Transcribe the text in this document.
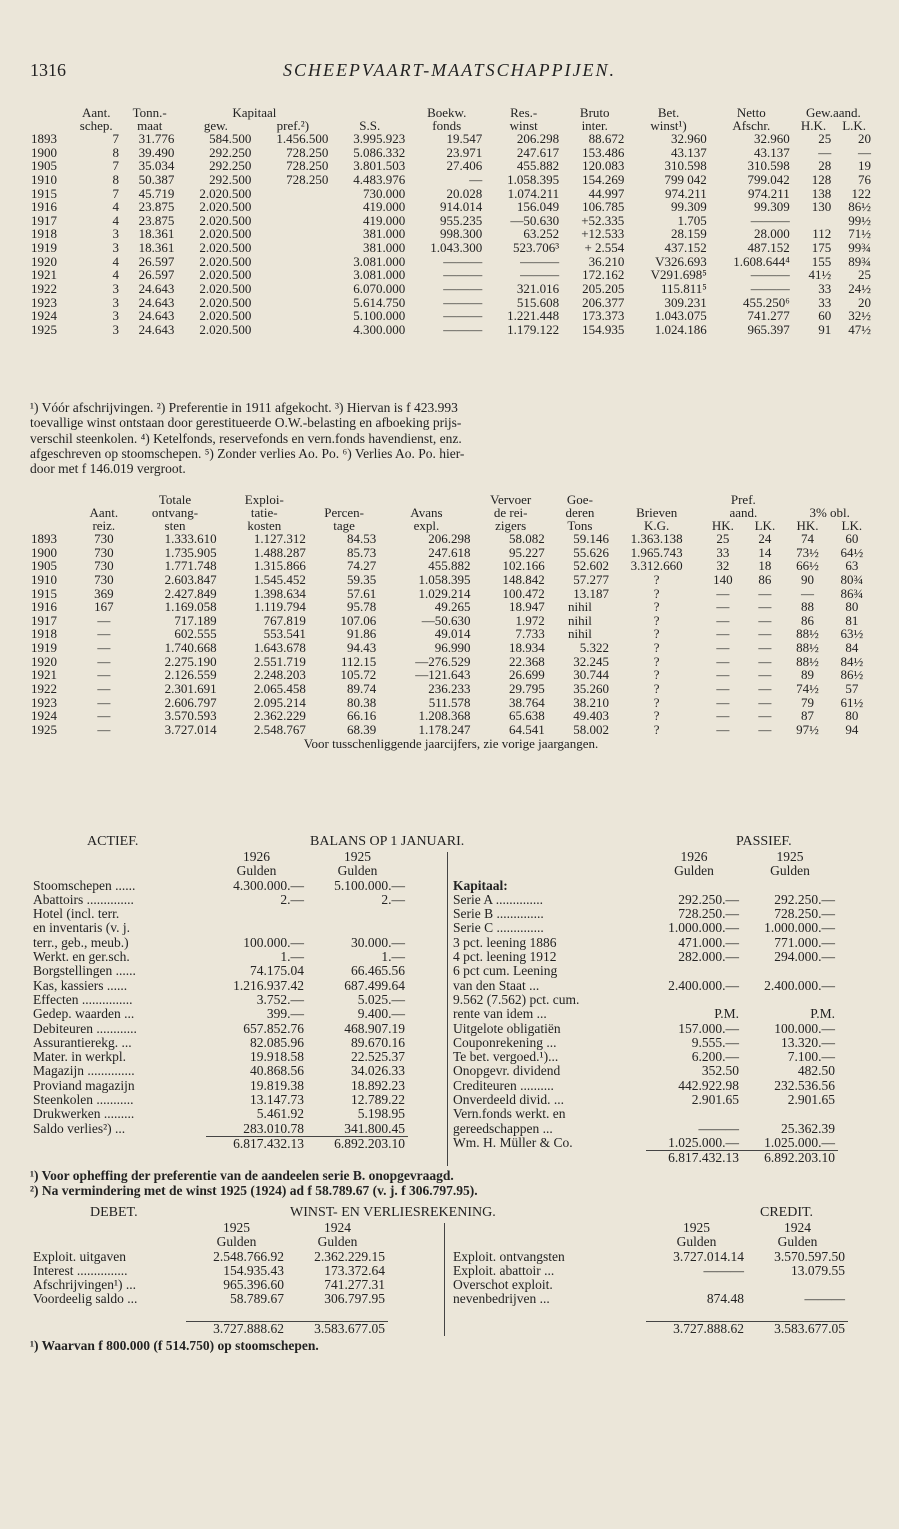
1316	SCHEEPVAART-MAATSCHAPPIJEN.
	Aant.	Tonn.-	Kapitaal			Boekw.	Res.-	Bruto	Bet.	Netto	Gew.aand.	
	schep.	maat	gew.	pref.²)	S.S.	fonds	winst	inter.	winst¹)	Afschr.	H.K.	L.K.
1893	7	31.776	584.500	1.456.500	3.995.923	19.547	206.298	88.672	32.960	32.960	25	20
1900	8	39.490	292.250	728.250	5.086.332	23.971	247.617	153.486	43.137	43.137	—	—
1905	7	35.034	292.250	728.250	3.801.503	27.406	455.882	120.083	310.598	310.598	28	19
1910	8	50.387	292.500	728.250	4.483.976	—	1.058.395	154.269	799 042	799.042	128	76
1915	7	45.719	2.020.500		730.000	20.028	1.074.211	44.997	974.211	974.211	138	122
1916	4	23.875	2.020.500		419.000	914.014	156.049	106.785	99.309	99.309	130	86½
1917	4	23.875	2.020.500		419.000	955.235	—50.630	+52.335	1.705	———		99½
1918	3	18.361	2.020.500		381.000	998.300	63.252	+12.533	28.159	28.000	112	71½
1919	3	18.361	2.020.500		381.000	1.043.300	523.706³	+ 2.554	437.152	487.152	175	99¾
1920	4	26.597	2.020.500		3.081.000	———	———	36.210	V326.693	1.608.644⁴	155	89¾
1921	4	26.597	2.020.500		3.081.000	———	———	172.162	V291.698⁵	———	41½	25
1922	3	24.643	2.020.500		6.070.000	———	321.016	205.205	115.811⁵	———	33	24½
1923	3	24.643	2.020.500		5.614.750	———	515.608	206.377	309.231	455.250⁶	33	20
1924	3	24.643	2.020.500		5.100.000	———	1.221.448	173.373	1.043.075	741.277	60	32½
1925	3	24.643	2.020.500		4.300.000	———	1.179.122	154.935	1.024.186	965.397	91	47½
¹) Vóór afschrijvingen. ²) Preferentie in 1911 afgekocht. ³) Hiervan is f 423.993
toevallige winst ontstaan door gerestitueerde O.W.-belasting en afboeking prijs-
verschil steenkolen. ⁴) Ketelfonds, reservefonds en vern.fonds havendienst, enz.
afgeschreven op stoomschepen. ⁵) Zonder verlies Ao. Po. ⁶) Verlies Ao. Po. hier-
door met f 146.019 vergroot.
		Totale	Exploi-			Vervoer	Goe-		Pref.			
	Aant.	ontvang-	tatie-	Percen-	Avans	de rei-	deren	Brieven	aand.		3% obl.	
	reiz.	sten	kosten	tage	expl.	zigers	Tons	K.G.	HK.	LK.	HK.	LK.
1893	730	1.333.610	1.127.312	84.53	206.298	58.082	59.146	1.363.138	25	24	74	60
1900	730	1.735.905	1.488.287	85.73	247.618	95.227	55.626	1.965.743	33	14	73½	64½
1905	730	1.771.748	1.315.866	74.27	455.882	102.166	52.602	3.312.660	32	18	66½	63
1910	730	2.603.847	1.545.452	59.35	1.058.395	148.842	57.277	?	140	86	90	80¾
1915	369	2.427.849	1.398.634	57.61	1.029.214	100.472	13.187	?	—	—	—	86¾
1916	167	1.169.058	1.119.794	95.78	49.265	18.947	nihil	?	—	—	88	80
1917	—	717.189	767.819	107.06	—50.630	1.972	nihil	?	—	—	86	81
1918	—	602.555	553.541	91.86	49.014	7.733	nihil	?	—	—	88½	63½
1919	—	1.740.668	1.643.678	94.43	96.990	18.934	5.322	?	—	—	88½	84
1920	—	2.275.190	2.551.719	112.15	—276.529	22.368	32.245	?	—	—	88½	84½
1921	—	2.126.559	2.248.203	105.72	—121.643	26.699	30.744	?	—	—	89	86½
1922	—	2.301.691	2.065.458	89.74	236.233	29.795	35.260	?	—	—	74½	57
1923	—	2.606.797	2.095.214	80.38	511.578	38.764	38.210	?	—	—	79	61½
1924	—	3.570.593	2.362.229	66.16	1.208.368	65.638	49.403	?	—	—	87	80
1925	—	3.727.014	2.548.767	68.39	1.178.247	64.541	58.002	?	—	—	97½	94
Voor tusschenliggende jaarcijfers, zie vorige jaargangen.												
ACTIEF.	BALANS OP 1 JANUARI.	PASSIEF.
	1926	1925
	Gulden	Gulden
Stoomschepen ......	4.300.000.—	5.100.000.—
Abattoirs ..............	2.—	2.—
Hotel (incl. terr.		
en inventaris (v. j.		
terr., geb., meub.)	100.000.—	30.000.—
Werkt. en ger.sch.	1.—	1.—
Borgstellingen ......	74.175.04	66.465.56
Kas, kassiers ......	1.216.937.42	687.499.64
Effecten ...............	3.752.—	5.025.—
Gedep. waarden ...	399.—	9.400.—
Debiteuren ............	657.852.76	468.907.19
Assurantierekg. ...	82.085.96	89.670.16
Mater. in werkpl.	19.918.58	22.525.37
Magazijn ..............	40.868.56	34.026.33
Proviand magazijn	19.819.38	18.892.23
Steenkolen ...........	13.147.73	12.789.22
Drukwerken .........	5.461.92	5.198.95
Saldo verlies²) ...	283.010.78	341.800.45
	6.817.432.13	6.892.203.10
	1926	1925
	Gulden	Gulden
Kapitaal:		
Serie A ..............	292.250.—	292.250.—
Serie B ..............	728.250.—	728.250.—
Serie C ..............	1.000.000.—	1.000.000.—
3 pct. leening 1886	471.000.—	771.000.—
4 pct. leening 1912	282.000.—	294.000.—
6 pct cum. Leening		
van den Staat ...	2.400.000.—	2.400.000.—
9.562 (7.562) pct. cum.		
rente van idem ...	P.M.	P.M.
Uitgelote obligatiën	157.000.—	100.000.—
Couponrekening ...	9.555.—	13.320.—
Te bet. vergoed.¹)...	6.200.—	7.100.—
Onopgevr. dividend	352.50	482.50
Crediteuren ..........	442.922.98	232.536.56
Onverdeeld divid. ...	2.901.65	2.901.65
Vern.fonds werkt. en		
gereedschappen ...	———	25.362.39
Wm. H. Müller & Co.	1.025.000.—	1.025.000.—
	6.817.432.13	6.892.203.10
¹) Voor opheffing der preferentie van de aandeelen serie B. onopgevraagd.
²) Na vermindering met de winst 1925 (1924) ad f 58.789.67 (v. j. f 306.797.95).
DEBET.	WINST- EN VERLIESREKENING.	CREDIT.
	1925	1924
	Gulden	Gulden
Exploit. uitgaven	2.548.766.92	2.362.229.15
Interest ...............	154.935.43	173.372.64
Afschrijvingen¹) ...	965.396.60	741.277.31
Voordeelig saldo ...	58.789.67	306.797.95

	3.727.888.62	3.583.677.05
	1925	1924
	Gulden	Gulden
Exploit. ontvangsten	3.727.014.14	3.570.597.50
Exploit. abattoir ...	———	13.079.55
Overschot exploit.		
nevenbedrijven ...	874.48	———

	3.727.888.62	3.583.677.05
¹) Waarvan f 800.000 (f 514.750) op stoomschepen.
